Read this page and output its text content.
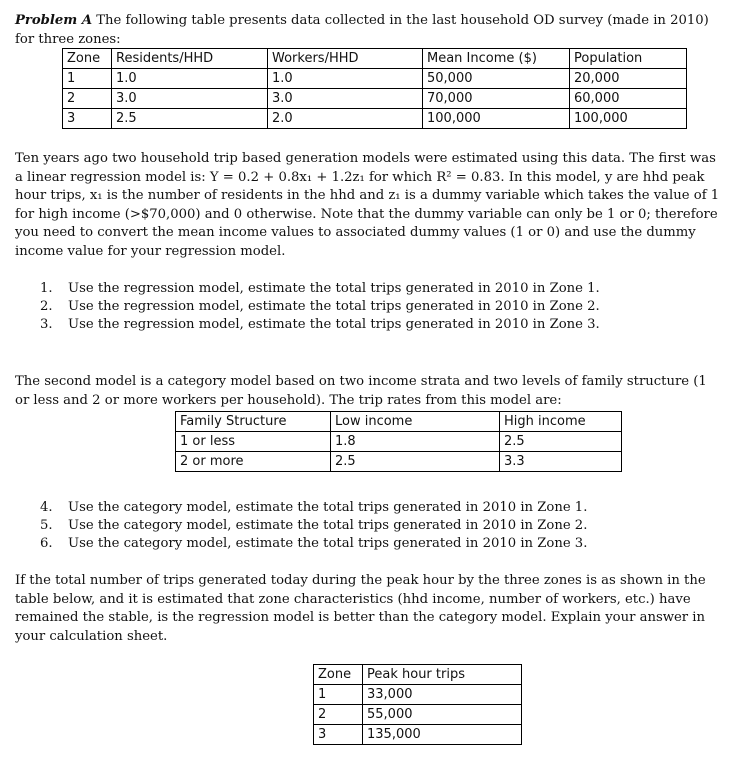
Problem A The following table presents data collected in the last household OD survey (made in 2010) for three zones:

Zone	Residents/HHD	Workers/HHD	Mean Income ($)	Population
1	1.0	1.0	50,000	20,000
2	3.0	3.0	70,000	60,000
3	2.5	2.0	100,000	100,000

Ten years ago two household trip based generation models were estimated using this data. The first was a linear regression model is: Y = 0.2 + 0.8x₁ + 1.2z₁ for which R² = 0.83. In this model, y are hhd peak hour trips, x₁ is the number of residents in the hhd and z₁ is a dummy variable which takes the value of 1 for high income (>$70,000) and 0 otherwise. Note that the dummy variable can only be 1 or 0; therefore you need to convert the mean income values to associated dummy values (1 or 0) and use the dummy income value for your regression model.

1. Use the regression model, estimate the total trips generated in 2010 in Zone 1.
2. Use the regression model, estimate the total trips generated in 2010 in Zone 2.
3. Use the regression model, estimate the total trips generated in 2010 in Zone 3.

The second model is a category model based on two income strata and two levels of family structure (1 or less and 2 or more workers per household). The trip rates from this model are:

Family Structure	Low income	High income
1 or less	1.8	2.5
2 or more	2.5	3.3
4. Use the category model, estimate the total trips generated in 2010 in Zone 1.
5. Use the category model, estimate the total trips generated in 2010 in Zone 2.
6. Use the category model, estimate the total trips generated in 2010 in Zone 3.

If the total number of trips generated today during the peak hour by the three zones is as shown in the table below, and it is estimated that zone characteristics (hhd income, number of workers, etc.) have remained the stable, is the regression model is better than the category model. Explain your answer in your calculation sheet.

Zone	Peak hour trips
1	33,000
2	55,000
3	135,000
